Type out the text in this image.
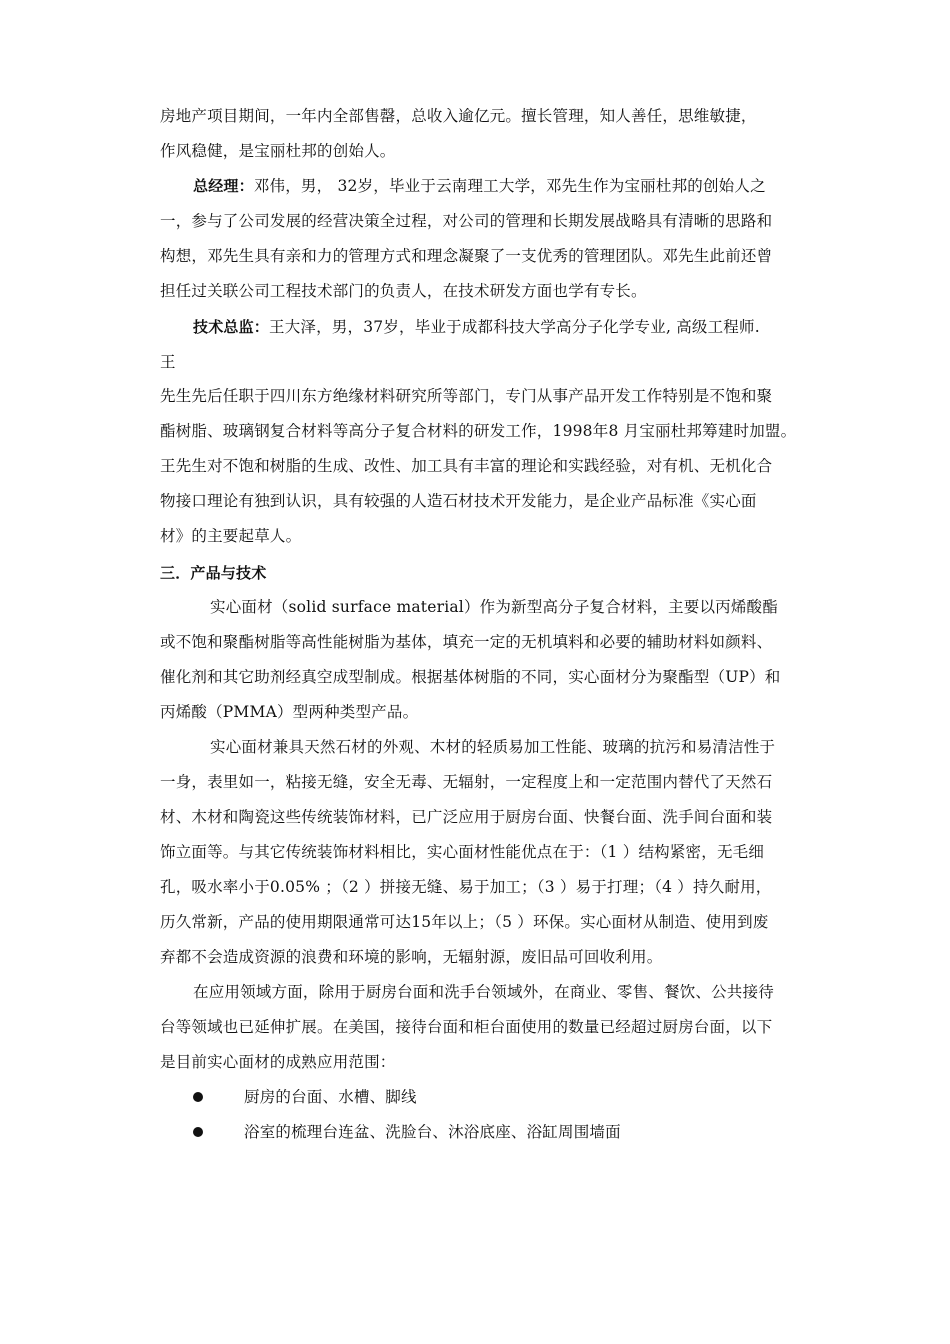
房地产项目期间，一年内全部售罄，总收入逾亿元。擅长管理，知人善任，思维敏捷，
作风稳健，是宝丽杜邦的创始人。
总经理：邓伟，男， 32岁，毕业于云南理工大学，邓先生作为宝丽杜邦的创始人之
一，参与了公司发展的经营决策全过程，对公司的管理和长期发展战略具有清晰的思路和
构想，邓先生具有亲和力的管理方式和理念凝聚了一支优秀的管理团队。邓先生此前还曾
担任过关联公司工程技术部门的负责人，在技术研发方面也学有专长。
技术总监：王大泽，男，37岁，毕业于成都科技大学高分子化学专业, 高级工程师.
王
先生先后任职于四川东方绝缘材料研究所等部门，专门从事产品开发工作特别是不饱和聚
酯树脂、玻璃钢复合材料等高分子复合材料的研发工作，1998年8 月宝丽杜邦筹建时加盟。
王先生对不饱和树脂的生成、改性、加工具有丰富的理论和实践经验，对有机、无机化合
物接口理论有独到认识，具有较强的人造石材技术开发能力，是企业产品标准《实心面
材》的主要起草人。
三．产品与技术
实心面材（solid surface material）作为新型高分子复合材料，主要以丙烯酸酯
或不饱和聚酯树脂等高性能树脂为基体，填充一定的无机填料和必要的辅助材料如颜料、
催化剂和其它助剂经真空成型制成。根据基体树脂的不同，实心面材分为聚酯型（UP）和
丙烯酸（PMMA）型两种类型产品。
实心面材兼具天然石材的外观、木材的轻质易加工性能、玻璃的抗污和易清洁性于
一身，表里如一，粘接无缝，安全无毒、无辐射，一定程度上和一定范围内替代了天然石
材、木材和陶瓷这些传统装饰材料，已广泛应用于厨房台面、快餐台面、洗手间台面和装
饰立面等。与其它传统装饰材料相比，实心面材性能优点在于：（1 ）结构紧密，无毛细
孔，吸水率小于0.05% ；（2 ）拼接无缝、易于加工；（3 ）易于打理；（4 ）持久耐用，
历久常新，产品的使用期限通常可达15年以上；（5 ）环保。实心面材从制造、使用到废
弃都不会造成资源的浪费和环境的影响，无辐射源，废旧品可回收利用。
在应用领域方面，除用于厨房台面和洗手台领域外，在商业、零售、餐饮、公共接待
台等领域也已延伸扩展。在美国，接待台面和柜台面使用的数量已经超过厨房台面，以下
是目前实心面材的成熟应用范围：
厨房的台面、水槽、脚线
浴室的梳理台连盆、洗脸台、沐浴底座、浴缸周围墙面
